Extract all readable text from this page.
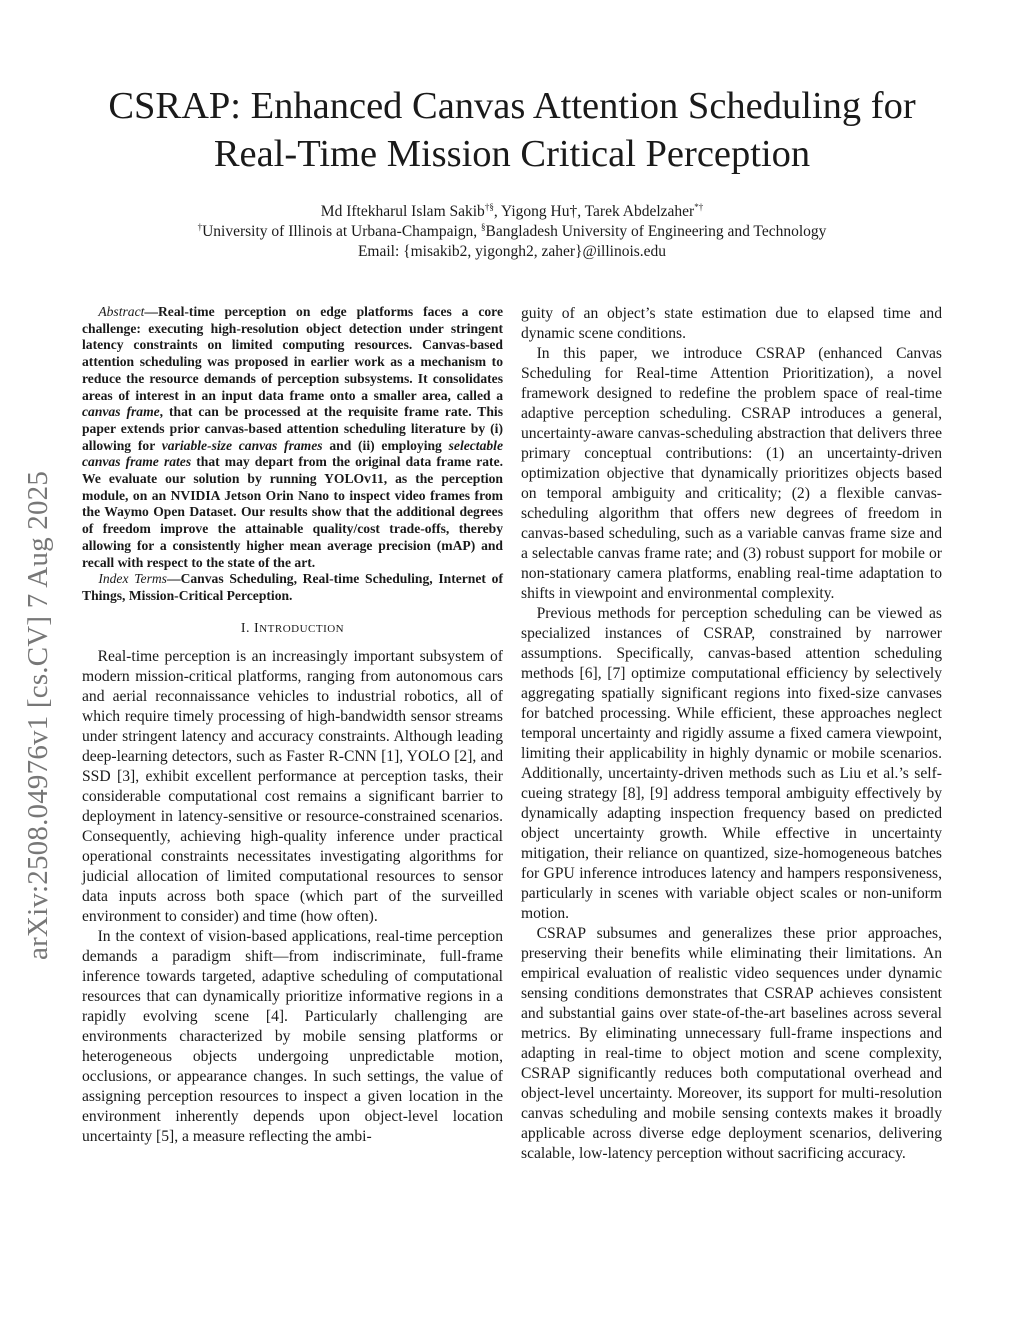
arXiv:2508.04976v1 [cs.CV] 7 Aug 2025
CSRAP: Enhanced Canvas Attention Scheduling for
Real-Time Mission Critical Perception
Md Iftekharul Islam Sakib†§, Yigong Hu†, Tarek Abdelzaher*†
†University of Illinois at Urbana-Champaign, §Bangladesh University of Engineering and Technology
Email: {misakib2, yigongh2, zaher}@illinois.edu

Abstract—Real-time perception on edge platforms faces a core challenge: executing high-resolution object detection under stringent latency constraints on limited computing resources. Canvas-based attention scheduling was proposed in earlier work as a mechanism to reduce the resource demands of perception subsystems. It consolidates areas of interest in an input data frame onto a smaller area, called a canvas frame, that can be processed at the requisite frame rate. This paper extends prior canvas-based attention scheduling literature by (i) allowing for variable-size canvas frames and (ii) employing selectable canvas frame rates that may depart from the original data frame rate. We evaluate our solution by running YOLOv11, as the perception module, on an NVIDIA Jetson Orin Nano to inspect video frames from the Waymo Open Dataset. Our results show that the additional degrees of freedom improve the attainable quality/cost trade-offs, thereby allowing for a consistently higher mean average precision (mAP) and recall with respect to the state of the art.

Index Terms—Canvas Scheduling, Real-time Scheduling, Internet of Things, Mission-Critical Perception.

I. INTRODUCTION

Real-time perception is an increasingly important subsystem of modern mission-critical platforms, ranging from autonomous cars and aerial reconnaissance vehicles to industrial robotics, all of which require timely processing of high-bandwidth sensor streams under stringent latency and accuracy constraints. Although leading deep-learning detectors, such as Faster R-CNN [1], YOLO [2], and SSD [3], exhibit excellent performance at perception tasks, their considerable computational cost remains a significant barrier to deployment in latency-sensitive or resource-constrained scenarios. Consequently, achieving high-quality inference under practical operational constraints necessitates investigating algorithms for judicial allocation of limited computational resources to sensor data inputs across both space (which part of the surveilled environment to consider) and time (how often).

In the context of vision-based applications, real-time perception demands a paradigm shift—from indiscriminate, full-frame inference towards targeted, adaptive scheduling of computational resources that can dynamically prioritize informative regions in a rapidly evolving scene [4]. Particularly challenging are environments characterized by mobile sensing platforms or heterogeneous objects undergoing unpredictable motion, occlusions, or appearance changes. In such settings, the value of assigning perception resources to inspect a given location in the environment inherently depends upon object-level location uncertainty [5], a measure reflecting the ambi-

guity of an object’s state estimation due to elapsed time and dynamic scene conditions.

In this paper, we introduce CSRAP (enhanced Canvas Scheduling for Real-time Attention Prioritization), a novel framework designed to redefine the problem space of real-time adaptive perception scheduling. CSRAP introduces a general, uncertainty-aware canvas-scheduling abstraction that delivers three primary conceptual contributions: (1) an uncertainty-driven optimization objective that dynamically prioritizes objects based on temporal ambiguity and criticality; (2) a flexible canvas-scheduling algorithm that offers new degrees of freedom in canvas-based scheduling, such as a variable canvas frame size and a selectable canvas frame rate; and (3) robust support for mobile or non-stationary camera platforms, enabling real-time adaptation to shifts in viewpoint and environmental complexity.

Previous methods for perception scheduling can be viewed as specialized instances of CSRAP, constrained by narrower assumptions. Specifically, canvas-based attention scheduling methods [6], [7] optimize computational efficiency by selectively aggregating spatially significant regions into fixed-size canvases for batched processing. While efficient, these approaches neglect temporal uncertainty and rigidly assume a fixed camera viewpoint, limiting their applicability in highly dynamic or mobile scenarios. Additionally, uncertainty-driven methods such as Liu et al.’s self-cueing strategy [8], [9] address temporal ambiguity effectively by dynamically adapting inspection frequency based on predicted object uncertainty growth. While effective in uncertainty mitigation, their reliance on quantized, size-homogeneous batches for GPU inference introduces latency and hampers responsiveness, particularly in scenes with variable object scales or non-uniform motion.

CSRAP subsumes and generalizes these prior approaches, preserving their benefits while eliminating their limitations. An empirical evaluation of realistic video sequences under dynamic sensing conditions demonstrates that CSRAP achieves consistent and substantial gains over state-of-the-art baselines across several metrics. By eliminating unnecessary full-frame inspections and adapting in real-time to object motion and scene complexity, CSRAP significantly reduces both computational overhead and object-level uncertainty. Moreover, its support for multi-resolution canvas scheduling and mobile sensing contexts makes it broadly applicable across diverse edge deployment scenarios, delivering scalable, low-latency perception without sacrificing accuracy.
